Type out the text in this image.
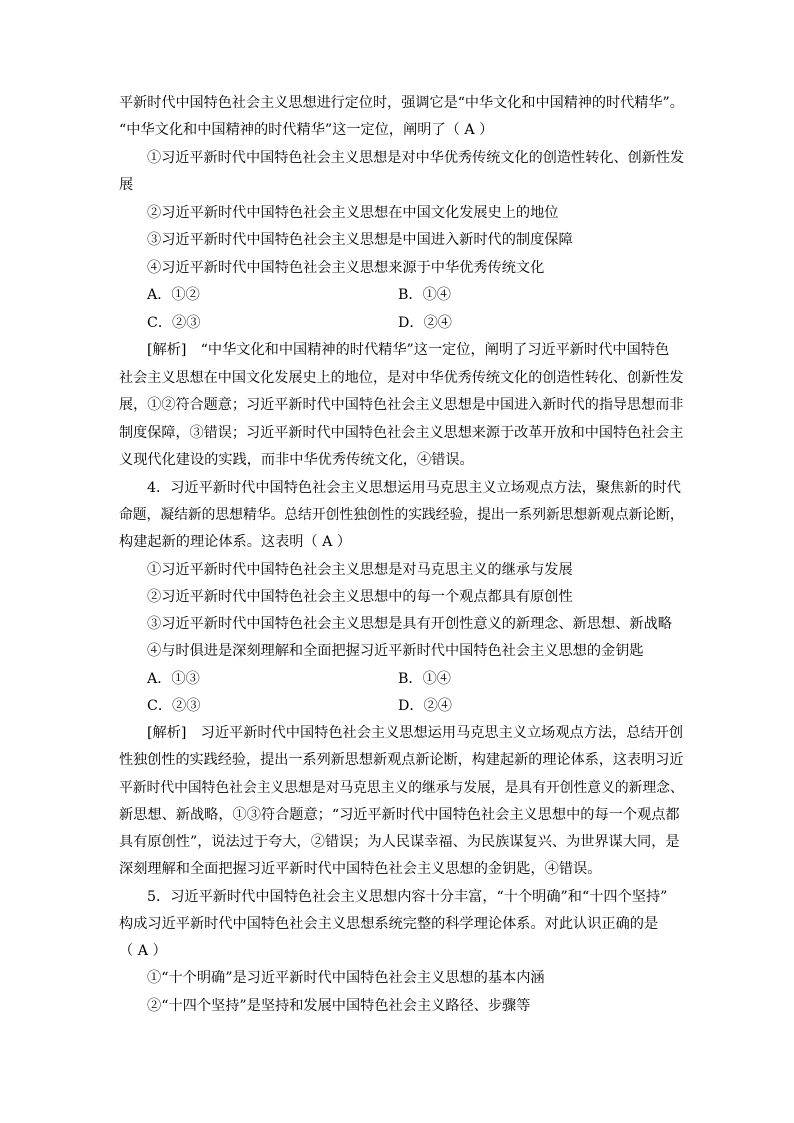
平新时代中国特色社会主义思想进行定位时，强调它是“中华文化和中国精神的时代精华”。
“中华文化和中国精神的时代精华”这一定位，阐明了（ A ）
①习近平新时代中国特色社会主义思想是对中华优秀传统文化的创造性转化、创新性发
展
②习近平新时代中国特色社会主义思想在中国文化发展史上的地位
③习近平新时代中国特色社会主义思想是中国进入新时代的制度保障
④习近平新时代中国特色社会主义思想来源于中华优秀传统文化
A．①②	B．①④
C．②③	D．②④
[解析]　“中华文化和中国精神的时代精华”这一定位，阐明了习近平新时代中国特色
社会主义思想在中国文化发展史上的地位，是对中华优秀传统文化的创造性转化、创新性发
展，①②符合题意；习近平新时代中国特色社会主义思想是中国进入新时代的指导思想而非
制度保障，③错误；习近平新时代中国特色社会主义思想来源于改革开放和中国特色社会主
义现代化建设的实践，而非中华优秀传统文化，④错误。
4．习近平新时代中国特色社会主义思想运用马克思主义立场观点方法，聚焦新的时代
命题，凝结新的思想精华。总结开创性独创性的实践经验，提出一系列新思想新观点新论断，
构建起新的理论体系。这表明（ A ）
①习近平新时代中国特色社会主义思想是对马克思主义的继承与发展
②习近平新时代中国特色社会主义思想中的每一个观点都具有原创性
③习近平新时代中国特色社会主义思想是具有开创性意义的新理念、新思想、新战略
④与时俱进是深刻理解和全面把握习近平新时代中国特色社会主义思想的金钥匙
A．①③	B．①④
C．②③	D．②④
[解析]　习近平新时代中国特色社会主义思想运用马克思主义立场观点方法，总结开创
性独创性的实践经验，提出一系列新思想新观点新论断，构建起新的理论体系，这表明习近
平新时代中国特色社会主义思想是对马克思主义的继承与发展，是具有开创性意义的新理念、
新思想、新战略，①③符合题意；“习近平新时代中国特色社会主义思想中的每一个观点都
具有原创性”，说法过于夸大，②错误；为人民谋幸福、为民族谋复兴、为世界谋大同，是
深刻理解和全面把握习近平新时代中国特色社会主义思想的金钥匙，④错误。
5．习近平新时代中国特色社会主义思想内容十分丰富，“十个明确”和“十四个坚持”
构成习近平新时代中国特色社会主义思想系统完整的科学理论体系。对此认识正确的是
（ A ）
①“十个明确”是习近平新时代中国特色社会主义思想的基本内涵
②“十四个坚持”是坚持和发展中国特色社会主义路径、步骤等
